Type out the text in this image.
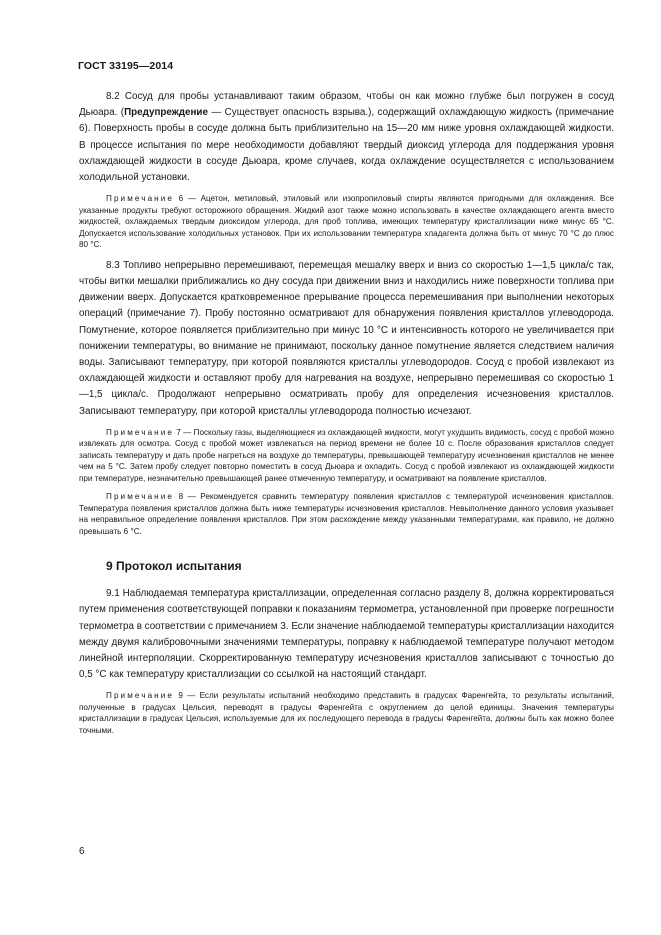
ГОСТ 33195—2014

8.2 Сосуд для пробы устанавливают таким образом, чтобы он как можно глубже был погружен в сосуд Дьюара. (Предупреждение — Существует опасность взрыва.), содержащий охлаждающую жидкость (примечание 6). Поверхность пробы в сосуде должна быть приблизительно на 15—20 мм ниже уровня охлаждающей жидкости. В процессе испытания по мере необходимости добавляют твердый диоксид углерода для поддержания уровня охлаждающей жидкости в сосуде Дьюара, кроме случаев, когда охлаждение осуществляется с использованием холодильной установки.

Примечание 6 — Ацетон, метиловый, этиловый или изопропиловый спирты являются пригодными для охлаждения. Все указанные продукты требуют осторожного обращения. Жидкий азот также можно использовать в качестве охлаждающего агента вместо жидкостей, охлаждаемых твердым диоксидом углерода, для проб топлива, имеющих температуру кристаллизации ниже минус 65 °С. Допускается использование холодильных установок. При их использовании температура хладагента должна быть от минус 70 °С до плюс 80 °С.

8.3 Топливо непрерывно перемешивают, перемещая мешалку вверх и вниз со скоростью 1—1,5 цикла/с так, чтобы витки мешалки приближались ко дну сосуда при движении вниз и находились ниже поверхности топлива при движении вверх. Допускается кратковременное прерывание процесса перемешивания при выполнении некоторых операций (примечание 7). Пробу постоянно осматривают для обнаружения появления кристаллов углеводорода. Помутнение, которое появляется приблизительно при минус 10 °С и интенсивность которого не увеличивается при понижении температуры, во внимание не принимают, поскольку данное помутнение является следствием наличия воды. Записывают температуру, при которой появляются кристаллы углеводородов. Сосуд с пробой извлекают из охлаждающей жидкости и оставляют пробу для нагревания на воздухе, непрерывно перемешивая со скоростью 1—1,5 цикла/с. Продолжают непрерывно осматривать пробу для определения исчезновения кристаллов. Записывают температуру, при которой кристаллы углеводорода полностью исчезают.

Примечание 7 — Поскольку газы, выделяющиеся из охлаждающей жидкости, могут ухудшить видимость, сосуд с пробой можно извлекать для осмотра. Сосуд с пробой может извлекаться на период времени не более 10 с. После образования кристаллов следует записать температуру и дать пробе нагреться на воздухе до температуры, превышающей температуру исчезновения кристаллов не менее чем на 5 °С. Затем пробу следует повторно поместить в сосуд Дьюара и охладить. Сосуд с пробой извлекают из охлаждающей жидкости при температуре, незначительно превышающей ранее отмеченную температуру, и осматривают на появление кристаллов.

Примечание 8 — Рекомендуется сравнить температуру появления кристаллов с температурой исчезновения кристаллов. Температура появления кристаллов должна быть ниже температуры исчезновения кристаллов. Невыполнение данного условия указывает на неправильное определение появления кристаллов. При этом расхождение между указанными температурами, как правило, не должно превышать 6 °С.

9 Протокол испытания

9.1 Наблюдаемая температура кристаллизации, определенная согласно разделу 8, должна корректироваться путем применения соответствующей поправки к показаниям термометра, установленной при проверке погрешности термометра в соответствии с примечанием 3. Если значение наблюдаемой температуры кристаллизации находится между двумя калибровочными значениями температуры, поправку к наблюдаемой температуре получают методом линейной интерполяции. Скорректированную температуру исчезновения кристаллов записывают с точностью до 0,5 °С как температуру кристаллизации со ссылкой на настоящий стандарт.

Примечание 9 — Если результаты испытаний необходимо представить в градусах Фаренгейта, то результаты испытаний, полученные в градусах Цельсия, переводят в градусы Фаренгейта с округлением до целой единицы. Значения температуры кристаллизации в градусах Цельсия, используемые для их последующего перевода в градусы Фаренгейта, должны быть как можно более точными.

6
